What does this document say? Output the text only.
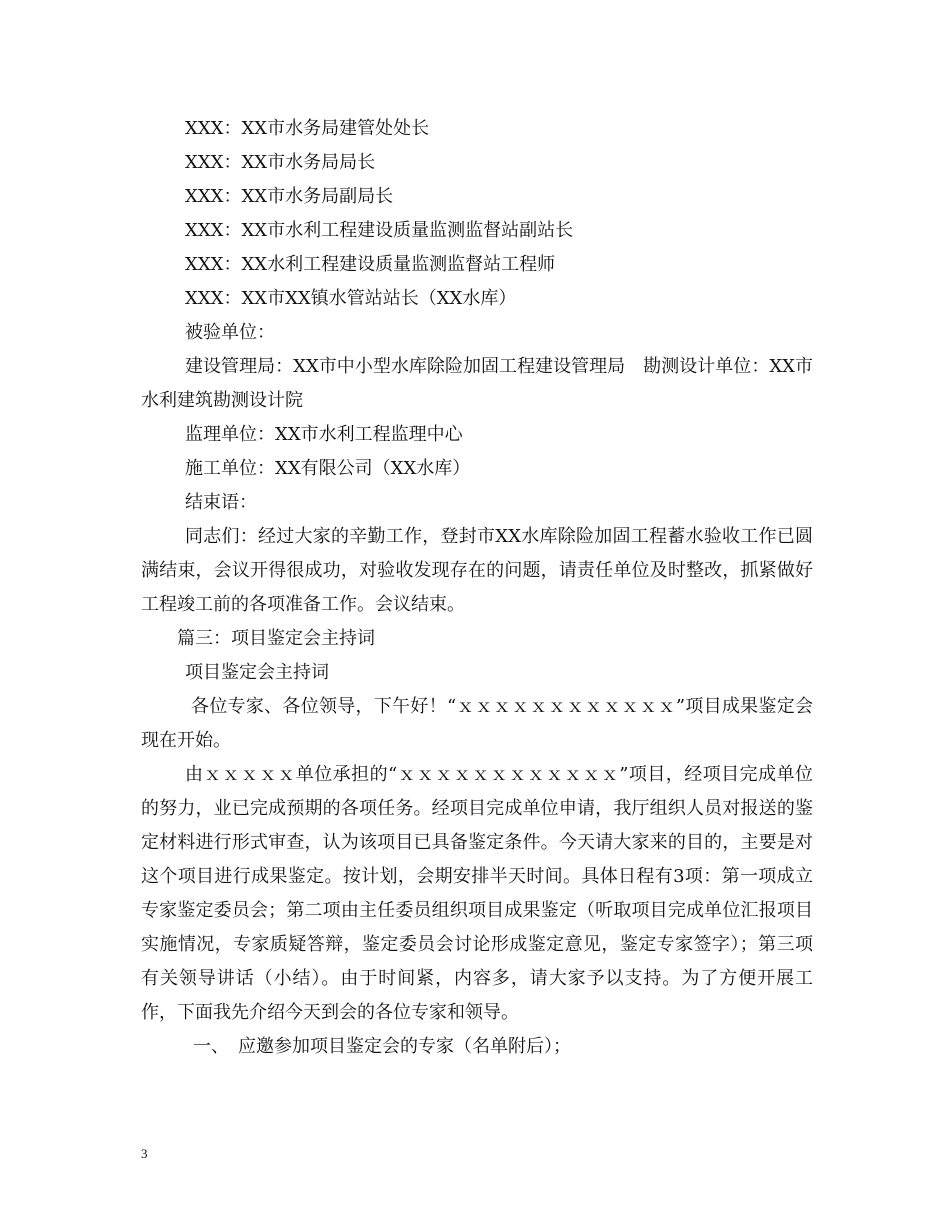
XXX：XX市水务局建管处处长
XXX：XX市水务局局长
XXX：XX市水务局副局长
XXX：XX市水利工程建设质量监测监督站副站长
XXX：XX水利工程建设质量监测监督站工程师
XXX：XX市XX镇水管站站长（XX水库）
被验单位：
建设管理局：XX市中小型水库除险加固工程建设管理局　勘测设计单位：XX市水利建筑勘测设计院
监理单位：XX市水利工程监理中心
施工单位：XX有限公司（XX水库）
结束语：
同志们：经过大家的辛勤工作，登封市XX水库除险加固工程蓄水验收工作已圆满结束，会议开得很成功，对验收发现存在的问题，请责任单位及时整改，抓紧做好工程竣工前的各项准备工作。会议结束。
篇三：项目鉴定会主持词
项目鉴定会主持词
各位专家、各位领导，下午好！“ｘｘｘｘｘｘｘｘｘｘｘｘ”项目成果鉴定会现在开始。
由ｘｘｘｘｘ单位承担的“ｘｘｘｘｘｘｘｘｘｘｘｘ”项目，经项目完成单位的努力，业已完成预期的各项任务。经项目完成单位申请，我厅组织人员对报送的鉴定材料进行形式审查，认为该项目已具备鉴定条件。今天请大家来的目的，主要是对这个项目进行成果鉴定。按计划，会期安排半天时间。具体日程有3项：第一项成立专家鉴定委员会；第二项由主任委员组织项目成果鉴定（听取项目完成单位汇报项目实施情况，专家质疑答辩，鉴定委员会讨论形成鉴定意见，鉴定专家签字）；第三项有关领导讲话（小结）。由于时间紧，内容多，请大家予以支持。为了方便开展工作，下面我先介绍今天到会的各位专家和领导。
一、　应邀参加项目鉴定会的专家（名单附后）；
3
